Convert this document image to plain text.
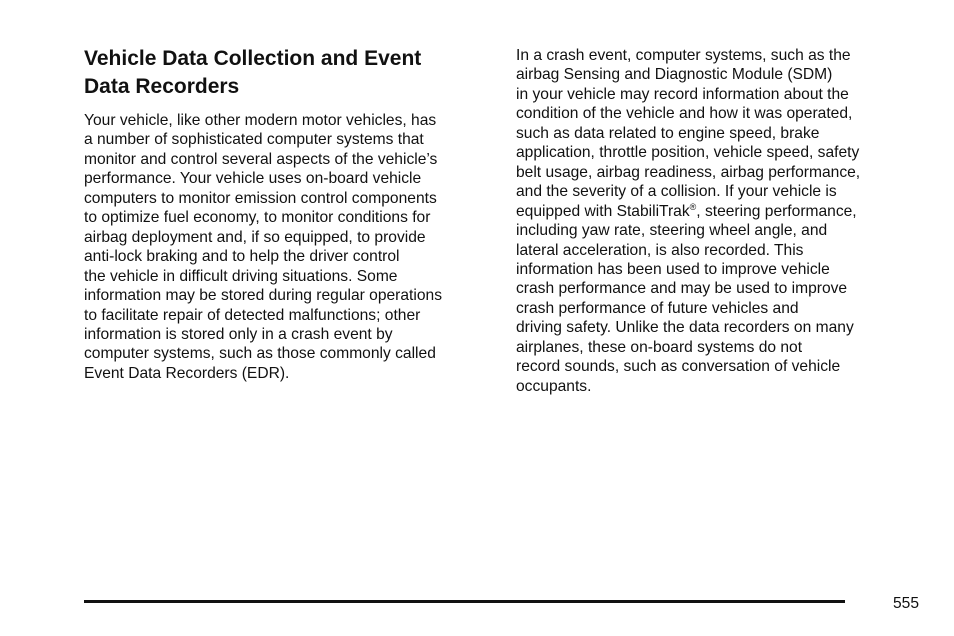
Vehicle Data Collection and Event
Data Recorders

Your vehicle, like other modern motor vehicles, has
a number of sophisticated computer systems that
monitor and control several aspects of the vehicle’s
performance. Your vehicle uses on-board vehicle
computers to monitor emission control components
to optimize fuel economy, to monitor conditions for
airbag deployment and, if so equipped, to provide
anti-lock braking and to help the driver control
the vehicle in difficult driving situations. Some
information may be stored during regular operations
to facilitate repair of detected malfunctions; other
information is stored only in a crash event by
computer systems, such as those commonly called
Event Data Recorders (EDR).

In a crash event, computer systems, such as the
airbag Sensing and Diagnostic Module (SDM)
in your vehicle may record information about the
condition of the vehicle and how it was operated,
such as data related to engine speed, brake
application, throttle position, vehicle speed, safety
belt usage, airbag readiness, airbag performance,
and the severity of a collision. If your vehicle is
equipped with StabiliTrak®, steering performance,
including yaw rate, steering wheel angle, and
lateral acceleration, is also recorded. This
information has been used to improve vehicle
crash performance and may be used to improve
crash performance of future vehicles and
driving safety. Unlike the data recorders on many
airplanes, these on-board systems do not
record sounds, such as conversation of vehicle
occupants.

555
